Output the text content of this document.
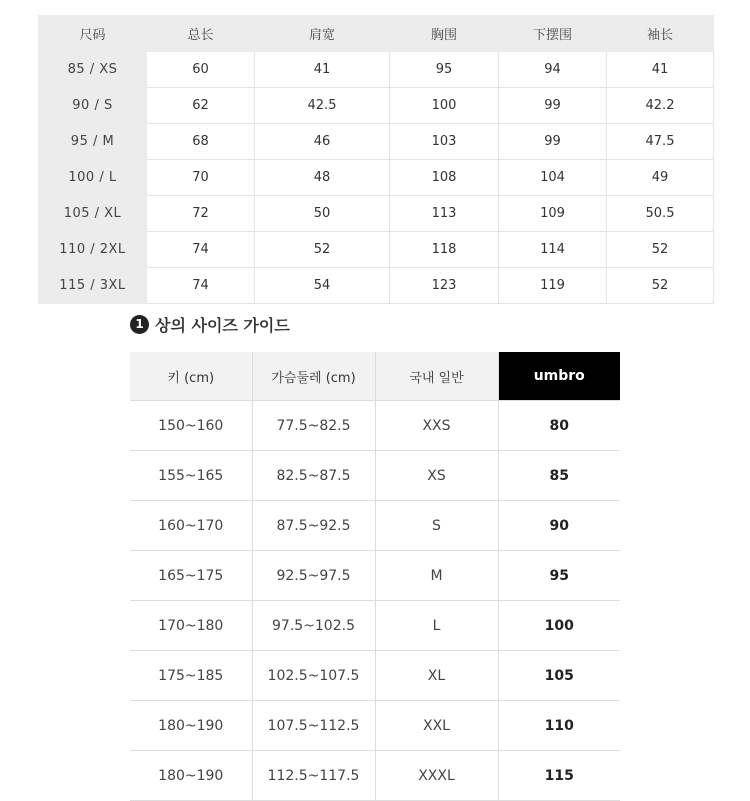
尺码	总长	肩宽	胸围	下摆围	袖长
85 / XS	60	41	95	94	41
90 / S	62	42.5	100	99	42.2
95 / M	68	46	103	99	47.5
100 / L	70	48	108	104	49
105 / XL	72	50	113	109	50.5
110 / 2XL	74	52	118	114	52
115 / 3XL	74	54	123	119	52
1 상의 사이즈 가이드
키 (cm)	가슴둘레 (cm)	국내 일반	umbro
150~160	77.5~82.5	XXS	80
155~165	82.5~87.5	XS	85
160~170	87.5~92.5	S	90
165~175	92.5~97.5	M	95
170~180	97.5~102.5	L	100
175~185	102.5~107.5	XL	105
180~190	107.5~112.5	XXL	110
180~190	112.5~117.5	XXXL	115
